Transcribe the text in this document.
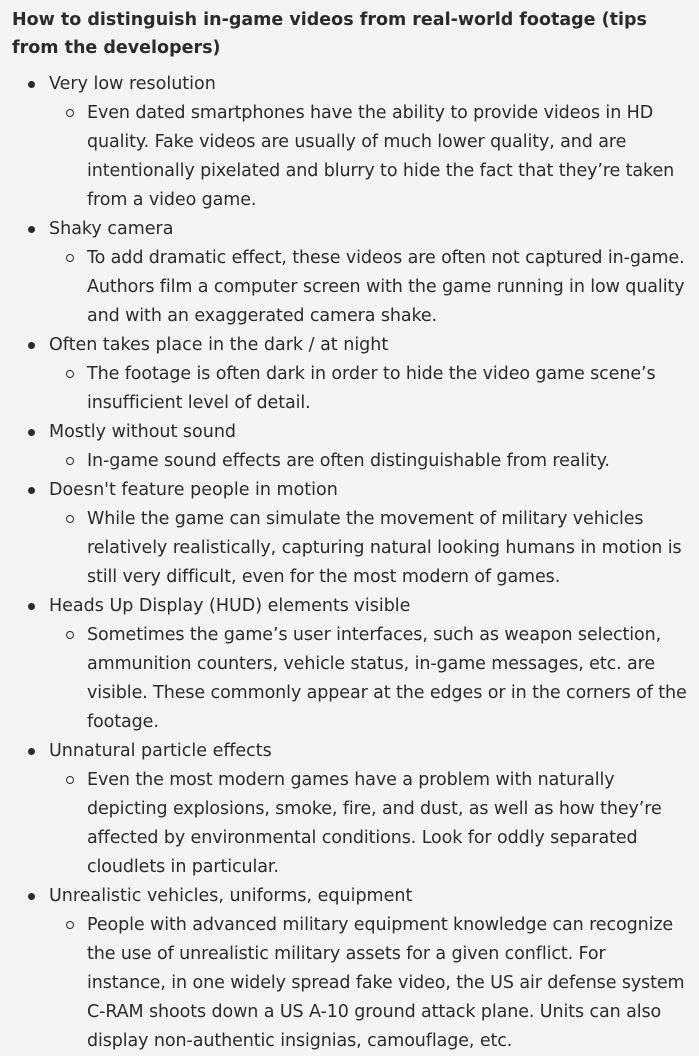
How to distinguish in-game videos from real-world footage (tips from the developers)
Very low resolution
Even dated smartphones have the ability to provide videos in HD quality. Fake videos are usually of much lower quality, and are intentionally pixelated and blurry to hide the fact that they’re taken from a video game.
Shaky camera
To add dramatic effect, these videos are often not captured in-game. Authors film a computer screen with the game running in low quality and with an exaggerated camera shake.
Often takes place in the dark / at night
The footage is often dark in order to hide the video game scene’s insufficient level of detail.
Mostly without sound
In-game sound effects are often distinguishable from reality.
Doesn't feature people in motion
While the game can simulate the movement of military vehicles relatively realistically, capturing natural looking humans in motion is still very difficult, even for the most modern of games.
Heads Up Display (HUD) elements visible
Sometimes the game’s user interfaces, such as weapon selection, ammunition counters, vehicle status, in-game messages, etc. are visible. These commonly appear at the edges or in the corners of the footage.
Unnatural particle effects
Even the most modern games have a problem with naturally depicting explosions, smoke, fire, and dust, as well as how they’re affected by environmental conditions. Look for oddly separated cloudlets in particular.
Unrealistic vehicles, uniforms, equipment
People with advanced military equipment knowledge can recognize the use of unrealistic military assets for a given conflict. For instance, in one widely spread fake video, the US air defense system C-RAM shoots down a US A-10 ground attack plane. Units can also display non-authentic insignias, camouflage, etc.
